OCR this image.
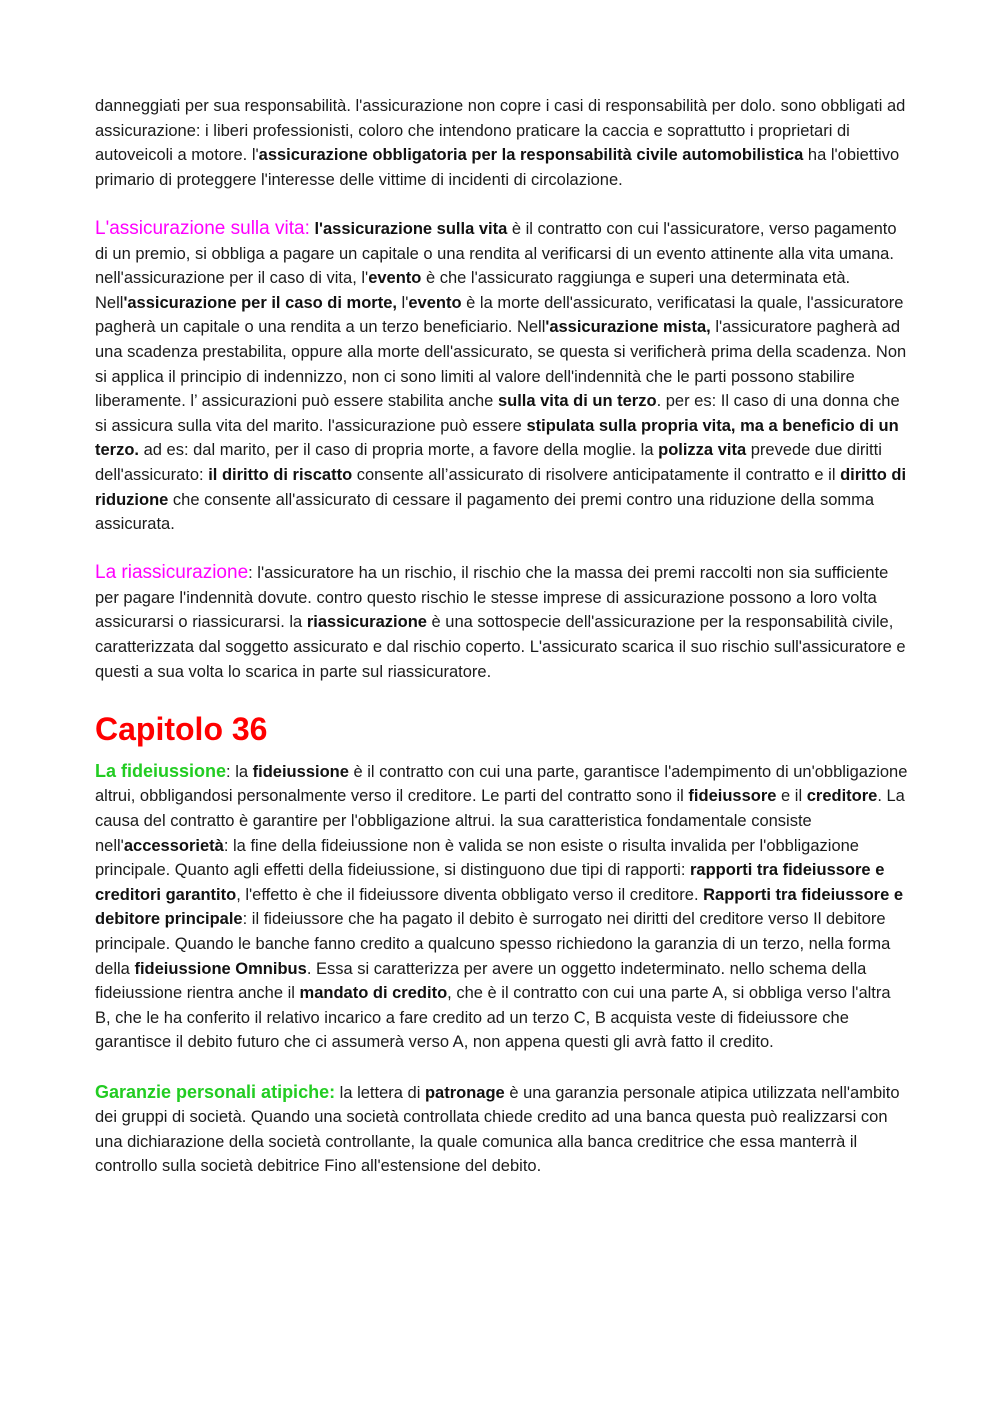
danneggiati per sua responsabilità. l'assicurazione non copre i casi di responsabilità per dolo. sono obbligati ad assicurazione: i liberi professionisti, coloro che intendono praticare la caccia e soprattutto i proprietari di autoveicoli a motore. l'assicurazione obbligatoria per la responsabilità civile automobilistica ha l'obiettivo primario di proteggere l'interesse delle vittime di incidenti di circolazione.

L'assicurazione sulla vita: l'assicurazione sulla vita è il contratto con cui l'assicuratore, verso pagamento di un premio, si obbliga a pagare un capitale o una rendita al verificarsi di un evento attinente alla vita umana. nell'assicurazione per il caso di vita, l'evento è che l'assicurato raggiunga e superi una determinata età. Nell'assicurazione per il caso di morte, l'evento è la morte dell'assicurato, verificatasi la quale, l'assicuratore pagherà un capitale o una rendita a un terzo beneficiario. Nell'assicurazione mista, l'assicuratore pagherà ad una scadenza prestabilita, oppure alla morte dell'assicurato, se questa si verificherà prima della scadenza. Non si applica il principio di indennizzo, non ci sono limiti al valore dell'indennità che le parti possono stabilire liberamente. l’ assicurazioni può essere stabilita anche sulla vita di un terzo. per es: Il caso di una donna che si assicura sulla vita del marito. l'assicurazione può essere stipulata sulla propria vita, ma a beneficio di un terzo. ad es: dal marito, per il caso di propria morte, a favore della moglie. la polizza vita prevede due diritti dell'assicurato: il diritto di riscatto consente all’assicurato di risolvere anticipatamente il contratto e il diritto di riduzione che consente all'assicurato di cessare il pagamento dei premi contro una riduzione della somma assicurata.

La riassicurazione: l'assicuratore ha un rischio, il rischio che la massa dei premi raccolti non sia sufficiente per pagare l'indennità dovute. contro questo rischio le stesse imprese di assicurazione possono a loro volta assicurarsi o riassicurarsi. la riassicurazione è una sottospecie dell'assicurazione per la responsabilità civile, caratterizzata dal soggetto assicurato e dal rischio coperto. L'assicurato scarica il suo rischio sull'assicuratore e questi a sua volta lo scarica in parte sul riassicuratore.

Capitolo 36

La fideiussione: la fideiussione è il contratto con cui una parte, garantisce l'adempimento di un'obbligazione altrui, obbligandosi personalmente verso il creditore. Le parti del contratto sono il fideiussore e il creditore. La causa del contratto è garantire per l'obbligazione altrui. la sua caratteristica fondamentale consiste nell'accessorietà: la fine della fideiussione non è valida se non esiste o risulta invalida per l'obbligazione principale. Quanto agli effetti della fideiussione, si distinguono due tipi di rapporti: rapporti tra fideiussore e creditori garantito, l'effetto è che il fideiussore diventa obbligato verso il creditore. Rapporti tra fideiussore e debitore principale: il fideiussore che ha pagato il debito è surrogato nei diritti del creditore verso Il debitore principale. Quando le banche fanno credito a qualcuno spesso richiedono la garanzia di un terzo, nella forma della fideiussione Omnibus. Essa si caratterizza per avere un oggetto indeterminato. nello schema della fideiussione rientra anche il mandato di credito, che è il contratto con cui una parte A, si obbliga verso l'altra B, che le ha conferito il relativo incarico a fare credito ad un terzo C, B acquista veste di fideiussore che garantisce il debito futuro che ci assumerà verso A, non appena questi gli avrà fatto il credito.

Garanzie personali atipiche: la lettera di patronage è una garanzia personale atipica utilizzata nell'ambito dei gruppi di società. Quando una società controllata chiede credito ad una banca questa può realizzarsi con una dichiarazione della società controllante, la quale comunica alla banca creditrice che essa manterrà il controllo sulla società debitrice Fino all'estensione del debito.
